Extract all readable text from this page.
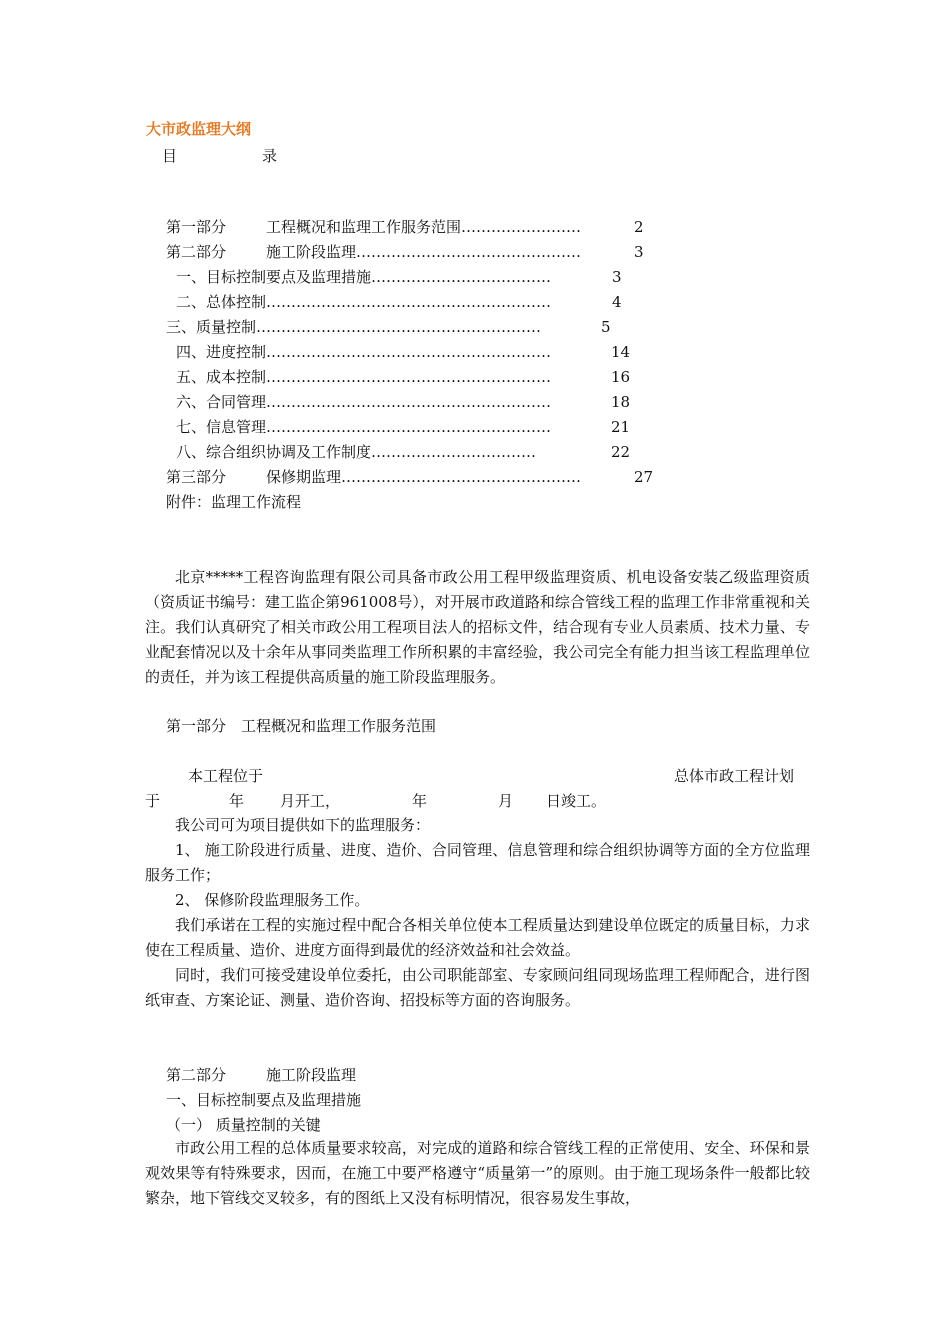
大市政监理大纲
目	录
第一部分	工程概况和监理工作服务范围……………………	2
第二部分	施工阶段监理………………………………………	3
一、目标控制要点及监理措施………………………………	3
二、总体控制…………………………………………………	4
三、质量控制…………………………………………………	5
四、进度控制…………………………………………………	14
五、成本控制…………………………………………………	16
六、合同管理…………………………………………………	18
七、信息管理…………………………………………………	21
八、综合组织协调及工作制度……………………………	22
第三部分	保修期监理…………………………………………	27
附件：监理工作流程
北京*****工程咨询监理有限公司具备市政公用工程甲级监理资质、机电设备安装乙级监理资质（资质证书编号：建工监企第961008号），对开展市政道路和综合管线工程的监理工作非常重视和关注。我们认真研究了相关市政公用工程项目法人的招标文件，结合现有专业人员素质、技术力量、专业配套情况以及十余年从事同类监理工作所积累的丰富经验，我公司完全有能力担当该工程监理单位的责任，并为该工程提供高质量的施工阶段监理服务。
第一部分　工程概况和监理工作服务范围
本工程位于	总体市政工程计划
于	年 月开工，	年	月 日竣工。
我公司可为项目提供如下的监理服务：
1、 施工阶段进行质量、进度、造价、合同管理、信息管理和综合组织协调等方面的全方位监理服务工作；
2、 保修阶段监理服务工作。
我们承诺在工程的实施过程中配合各相关单位使本工程质量达到建设单位既定的质量目标，力求使在工程质量、造价、进度方面得到最优的经济效益和社会效益。
同时，我们可接受建设单位委托，由公司职能部室、专家顾问组同现场监理工程师配合，进行图纸审查、方案论证、测量、造价咨询、招投标等方面的咨询服务。
第二部分	施工阶段监理
一、目标控制要点及监理措施
（一） 质量控制的关键
市政公用工程的总体质量要求较高，对完成的道路和综合管线工程的正常使用、安全、环保和景观效果等有特殊要求，因而，在施工中要严格遵守“质量第一”的原则。由于施工现场条件一般都比较繁杂，地下管线交叉较多，有的图纸上又没有标明情况，很容易发生事故，
